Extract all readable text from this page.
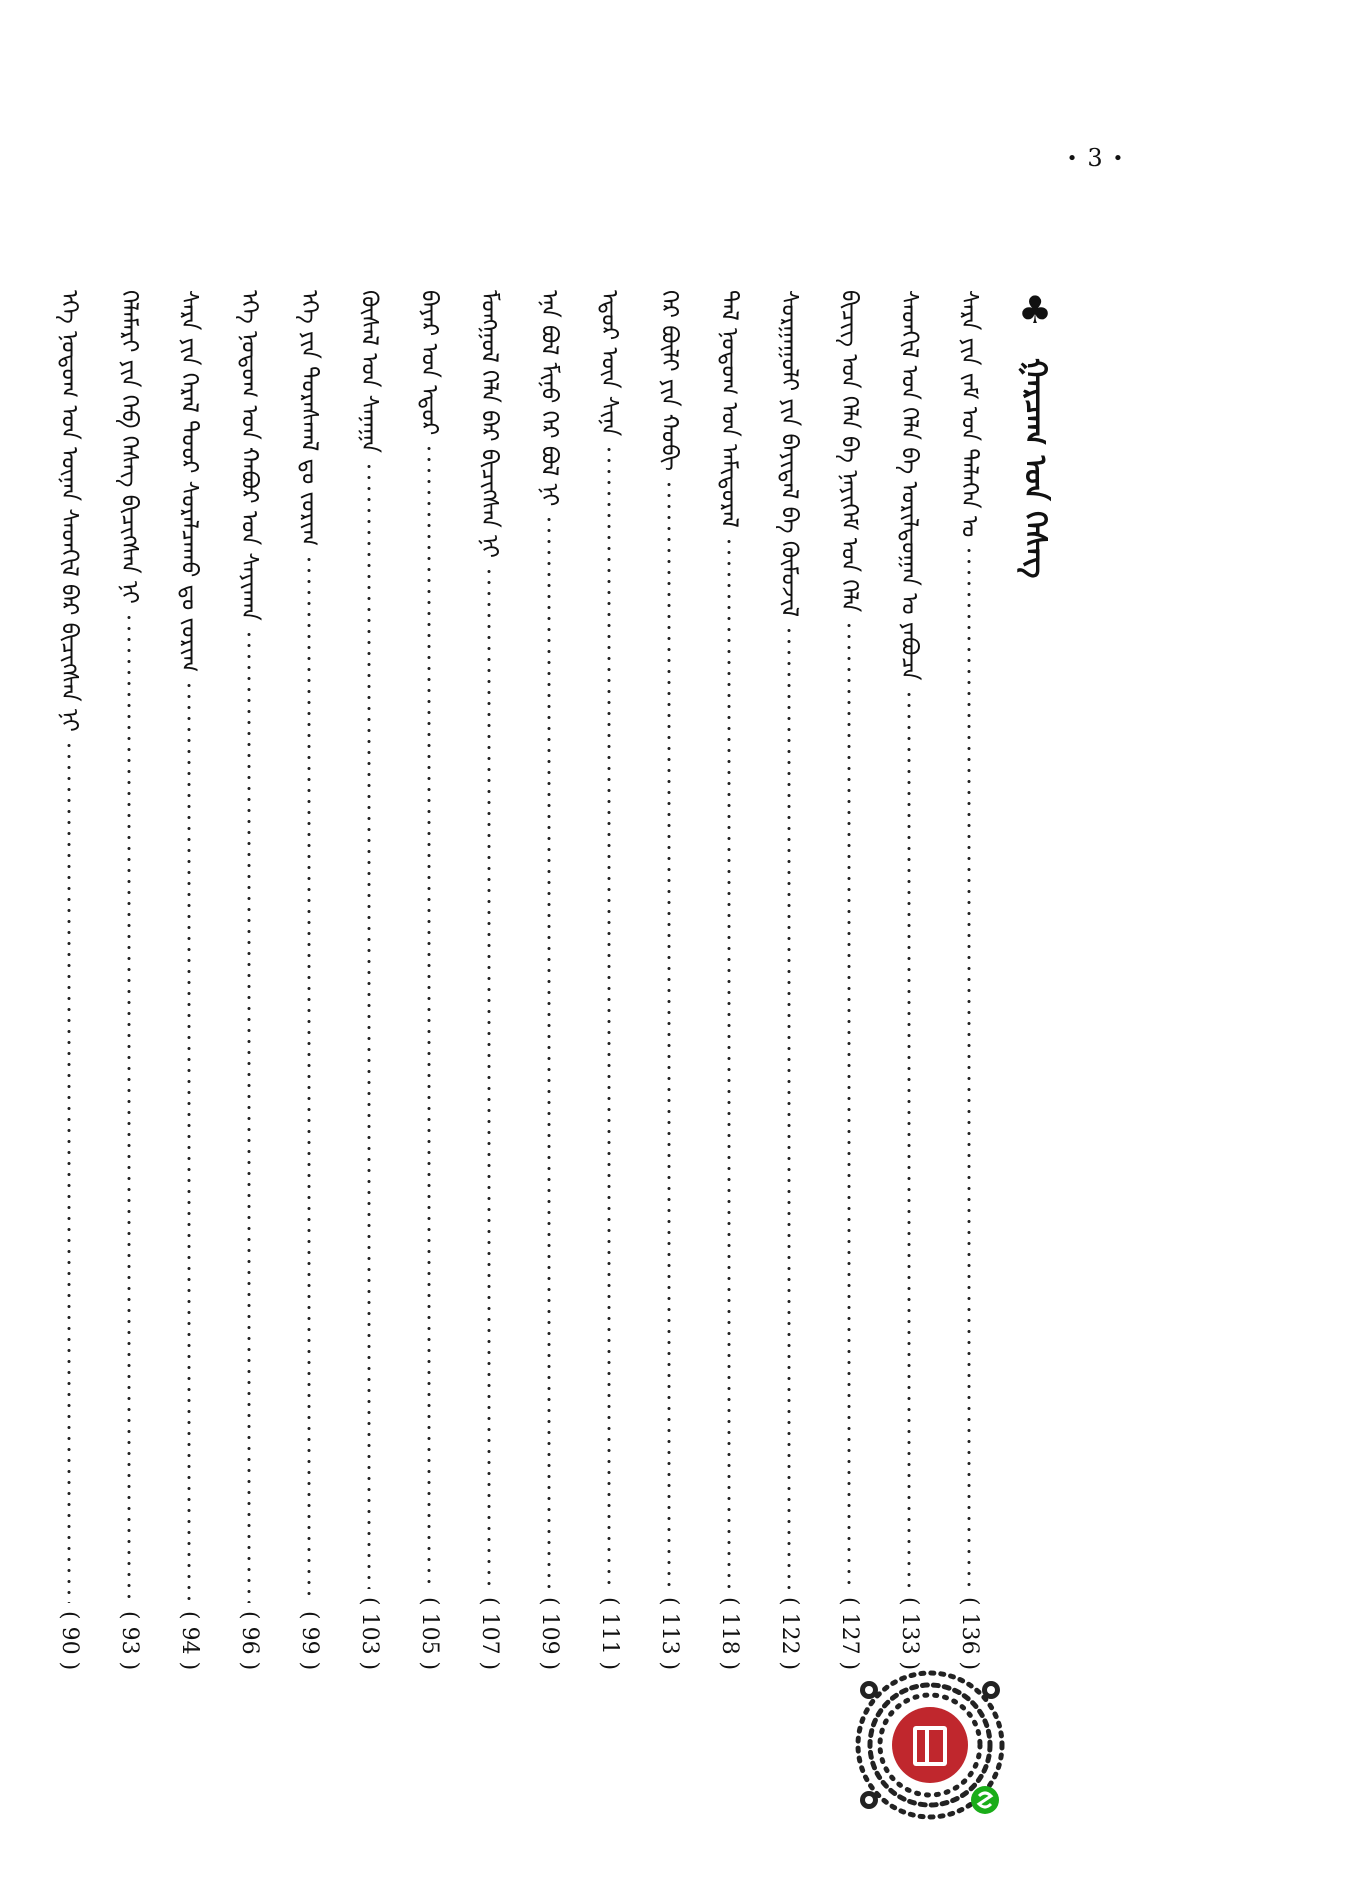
• 3 •
♣
ᠭᠠᠷᠴᠠᠭ ᠤᠨ ᠬᠡᠰᠡᠭ
ᠰᠠᠷᠠ ᠶᠢᠨ ᠵᠠᠮ ᠤᠨ ᠲᠡᠯᠡᠭᠡᠨ ᠤ
( 136 )
ᠰᠡᠳᠬᠢᠯ ᠤᠨ ᠬᠡᠯᠡ ᠪᠠ ᠤᠷᠢᠯᠳᠤᠭᠠᠨ ᠤ ᠶᠠᠪᠤᠴᠠ
( 133 )
ᠪᠢᠴᠢᠭ ᠤᠨ ᠬᠡᠯᠡ ᠪᠠ ᠨᠡᠶᠢᠭᠡᠮ ᠤᠨ ᠬᠡᠯᠡ
( 127 )
ᠰᠤᠷᠭᠠᠭᠤᠯᠢ ᠶᠢᠨ ᠪᠠᠶᠢᠳᠠᠯ ᠪᠠ ᠬᠦᠮᠦᠵᠢᠯ
( 122 )
ᠲᠠᠯ ᠨᠤᠲᠤᠭ ᠤᠨ ᠠᠮᠢᠳᠤᠷᠠᠯ
( 118 )
ᠭᠡᠷ ᠪᠦᠯᠢ ᠶᠢᠨ ᠬᠤᠪᠢ
( 113 )
ᠡᠳᠦᠷ ᠦᠨ ᠰᠢᠨᠡ
( 111 )
ᠡᠨᠡ ᠪᠣᠯ ᠮᠢᠨᠤ ᠭᠡᠷ ᠪᠣᠯ ᠨᠢ
( 109 )
ᠮᠣᠩᠭᠣᠯ ᠬᠡᠯᠡ ᠪᠡᠷ ᠪᠢᠴᠢᠭᠰᠡᠨ ᠨᠢ
( 107 )
ᠪᠠᠶᠠᠷ ᠤᠨ ᠡᠳᠦᠷ
( 105 )
ᠬᠦᠰᠡᠯ ᠤᠨ ᠰᠠᠨᠠᠭᠠ
( 103 )
ᠡᠬᠡ ᠶᠢᠨ ᠳᠤᠷᠠᠰᠬᠠᠯ ᠳᠤ ᠵᠣᠷᠢᠭ
( 99 )
ᠡᠬᠡ ᠨᠤᠲᠤᠭ ᠤᠨ ᠬᠠᠪᠤᠷ ᠤᠨ ᠰᠠᠶᠢᠬᠠᠨ
( 96 )
ᠰᠠᠷᠠ ᠶᠢᠨ ᠭᠡᠷᠡᠯ ᠳᠤᠤᠷ ᠰᠤᠷᠠᠯᠴᠠᠬᠤ ᠳᠤ ᠵᠣᠷᠢᠭ
( 94 )
ᠬᠡᠯᠡᠮᠡᠷᠢ ᠶᠢᠨ ᠬᠡᠪ ᠬᠡᠰᠡᠭ ᠪᠢᠴᠢᠭᠰᠡᠨ ᠨᠢ
( 93 )
ᠡᠬᠡ ᠨᠤᠲᠤᠭ ᠤᠨ ᠦᠨᠡᠨ ᠰᠡᠳᠬᠢᠯ ᠪᠡᠷ ᠪᠢᠴᠢᠭᠰᠡᠨ ᠨᠢ
( 90 )
